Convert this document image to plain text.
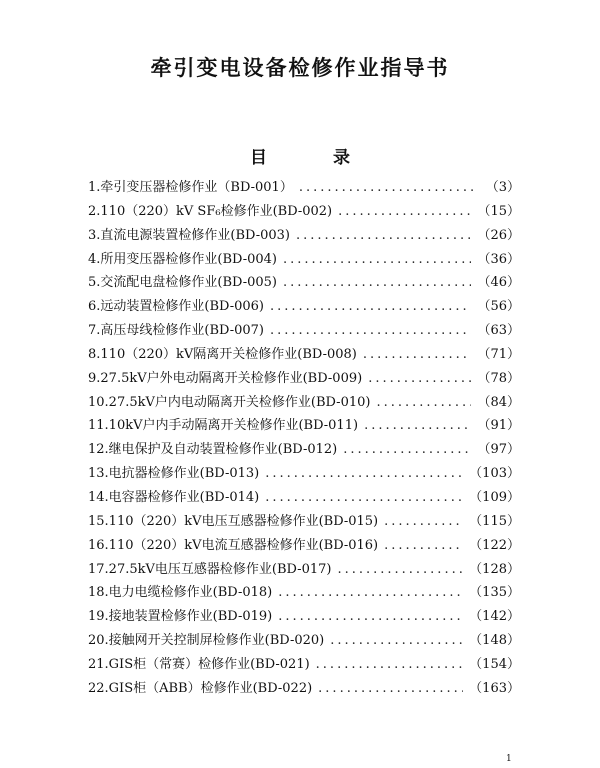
牵引变电设备检修作业指导书
目 录
1.牵引变压器检修作业（BD-001） .....	（3）
2.110（220）kV SF₆检修作业(BD-002) .....	（15）
3.直流电源装置检修作业(BD-003) .....	（26）
4.所用变压器检修作业(BD-004) .....	（36）
5.交流配电盘检修作业(BD-005) .....	（46）
6.远动装置检修作业(BD-006) .....	（56）
7.高压母线检修作业(BD-007) .....	（63）
8.110（220）kV隔离开关检修作业(BD-008) .....	（71）
9.27.5kV户外电动隔离开关检修作业(BD-009) .....	（78）
10.27.5kV户内电动隔离开关检修作业(BD-010) .....	（84）
11.10kV户内手动隔离开关检修作业(BD-011) .....	（91）
12.继电保护及自动装置检修作业(BD-012) .....	（97）
13.电抗器检修作业(BD-013) .....	（103）
14.电容器检修作业(BD-014) .....	（109）
15.110（220）kV电压互感器检修作业(BD-015) .....	（115）
16.110（220）kV电流互感器检修作业(BD-016) .....	（122）
17.27.5kV电压互感器检修作业(BD-017) .....	（128）
18.电力电缆检修作业(BD-018) .....	（135）
19.接地装置检修作业(BD-019) .....	（142）
20.接触网开关控制屏检修作业(BD-020) .....	（148）
21.GIS柜（常赛）检修作业(BD-021) .....	（154）
22.GIS柜（ABB）检修作业(BD-022) .....	（163）
1
